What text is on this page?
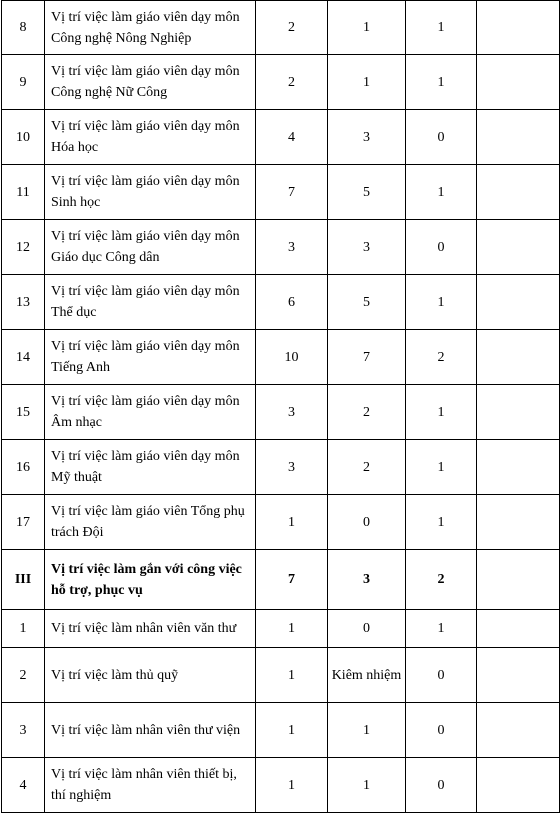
8	Vị trí việc làm giáo viên dạy môn Công nghệ Nông Nghiệp	2	1	1	
9	Vị trí việc làm giáo viên dạy môn Công nghệ Nữ Công	2	1	1	
10	Vị trí việc làm giáo viên dạy môn Hóa học	4	3	0	
11	Vị trí việc làm giáo viên dạy môn Sinh học	7	5	1	
12	Vị trí việc làm giáo viên dạy môn Giáo dục Công dân	3	3	0	
13	Vị trí việc làm giáo viên dạy môn Thể dục	6	5	1	
14	Vị trí việc làm giáo viên dạy môn Tiếng Anh	10	7	2	
15	Vị trí việc làm giáo viên dạy môn Âm nhạc	3	2	1	
16	Vị trí việc làm giáo viên dạy môn Mỹ thuật	3	2	1	
17	Vị trí việc làm giáo viên Tổng phụ trách Đội	1	0	1	
III	Vị trí việc làm gắn với công việc hỗ trợ, phục vụ	7	3	2	
1	Vị trí việc làm nhân viên văn thư	1	0	1	
2	Vị trí việc làm thủ quỹ	1	Kiêm nhiệm	0	
3	Vị trí việc làm nhân viên thư viện	1	1	0	
4	Vị trí việc làm nhân viên thiết bị, thí nghiệm	1	1	0	
